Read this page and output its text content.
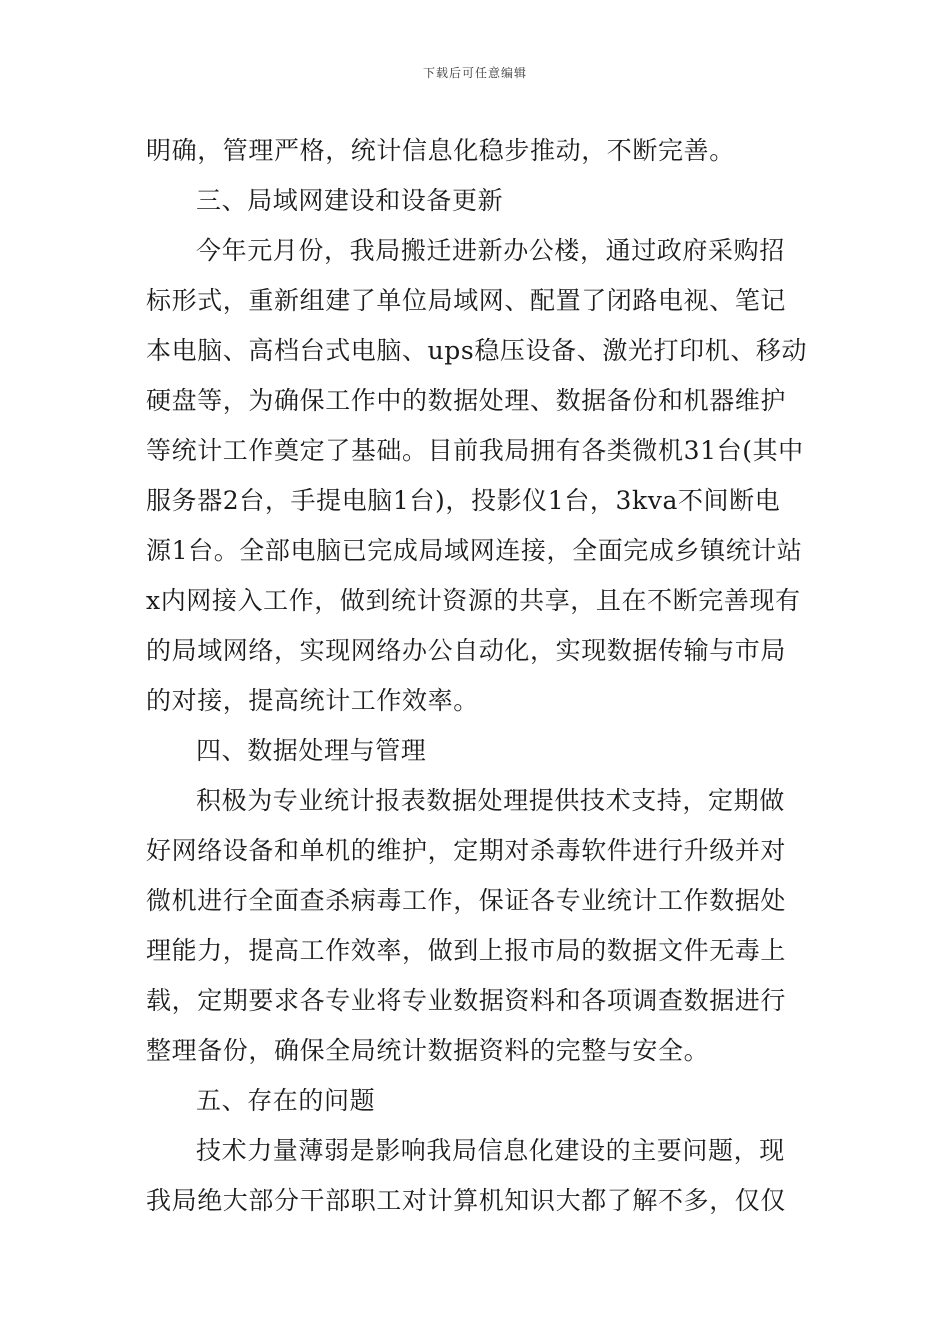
下载后可任意编辑
明确，管理严格，统计信息化稳步推动，不断完善。
三、局域网建设和设备更新
今年元月份，我局搬迁进新办公楼，通过政府采购招
标形式，重新组建了单位局域网、配置了闭路电视、笔记
本电脑、高档台式电脑、ups稳压设备、激光打印机、移动
硬盘等，为确保工作中的数据处理、数据备份和机器维护
等统计工作奠定了基础。目前我局拥有各类微机31台(其中
服务器2台，手提电脑1台)，投影仪1台，3kva不间断电
源1台。全部电脑已完成局域网连接，全面完成乡镇统计站
x内网接入工作，做到统计资源的共享，且在不断完善现有
的局域网络，实现网络办公自动化，实现数据传输与市局
的对接，提高统计工作效率。
四、数据处理与管理
积极为专业统计报表数据处理提供技术支持，定期做
好网络设备和单机的维护，定期对杀毒软件进行升级并对
微机进行全面查杀病毒工作，保证各专业统计工作数据处
理能力，提高工作效率，做到上报市局的数据文件无毒上
载，定期要求各专业将专业数据资料和各项调查数据进行
整理备份，确保全局统计数据资料的完整与安全。
五、存在的问题
技术力量薄弱是影响我局信息化建设的主要问题，现
我局绝大部分干部职工对计算机知识大都了解不多，仅仅
